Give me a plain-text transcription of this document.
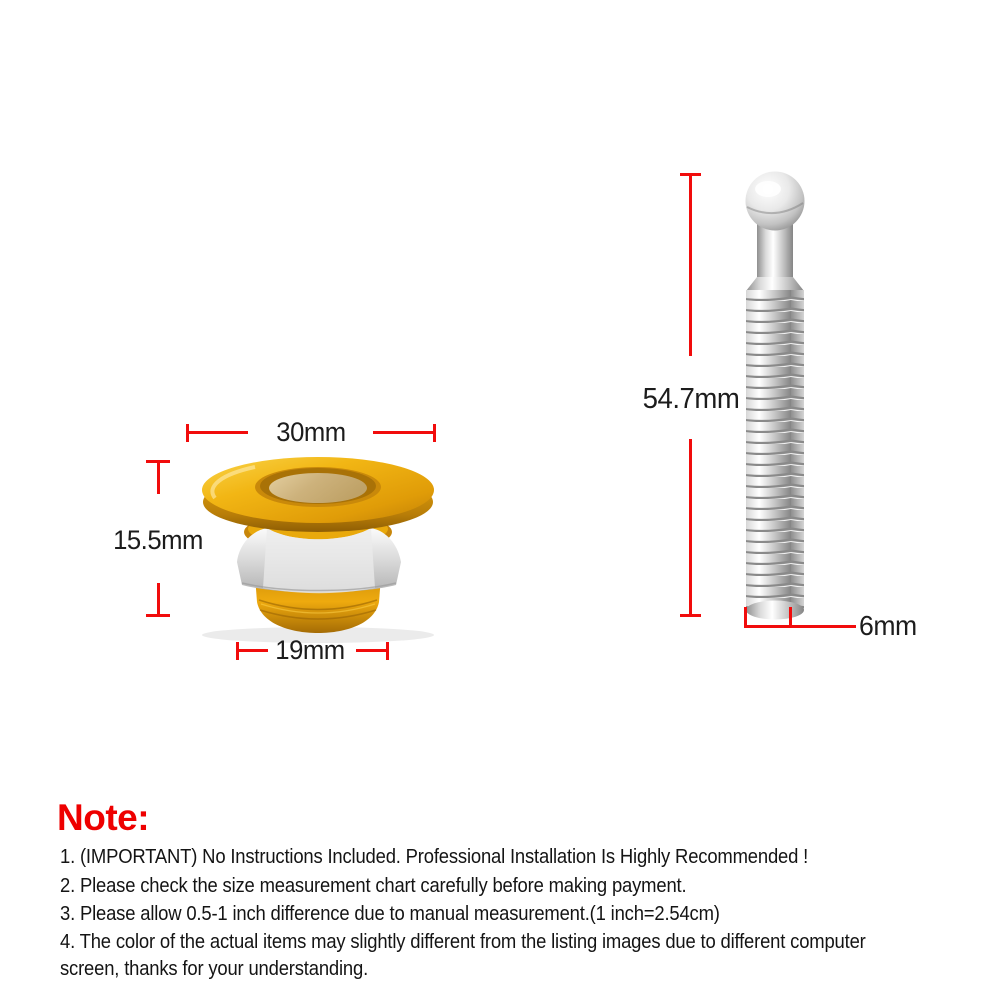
30mm
15.5mm
19mm
54.7mm
6mm
Note:
1. (IMPORTANT) No Instructions Included. Professional Installation Is Highly Recommended !
2. Please check the size measurement chart carefully before making payment.
3. Please allow 0.5-1 inch difference due to manual measurement.(1 inch=2.54cm)
4. The color of the actual items may slightly different from the listing images due to different computer
screen, thanks for your understanding.
